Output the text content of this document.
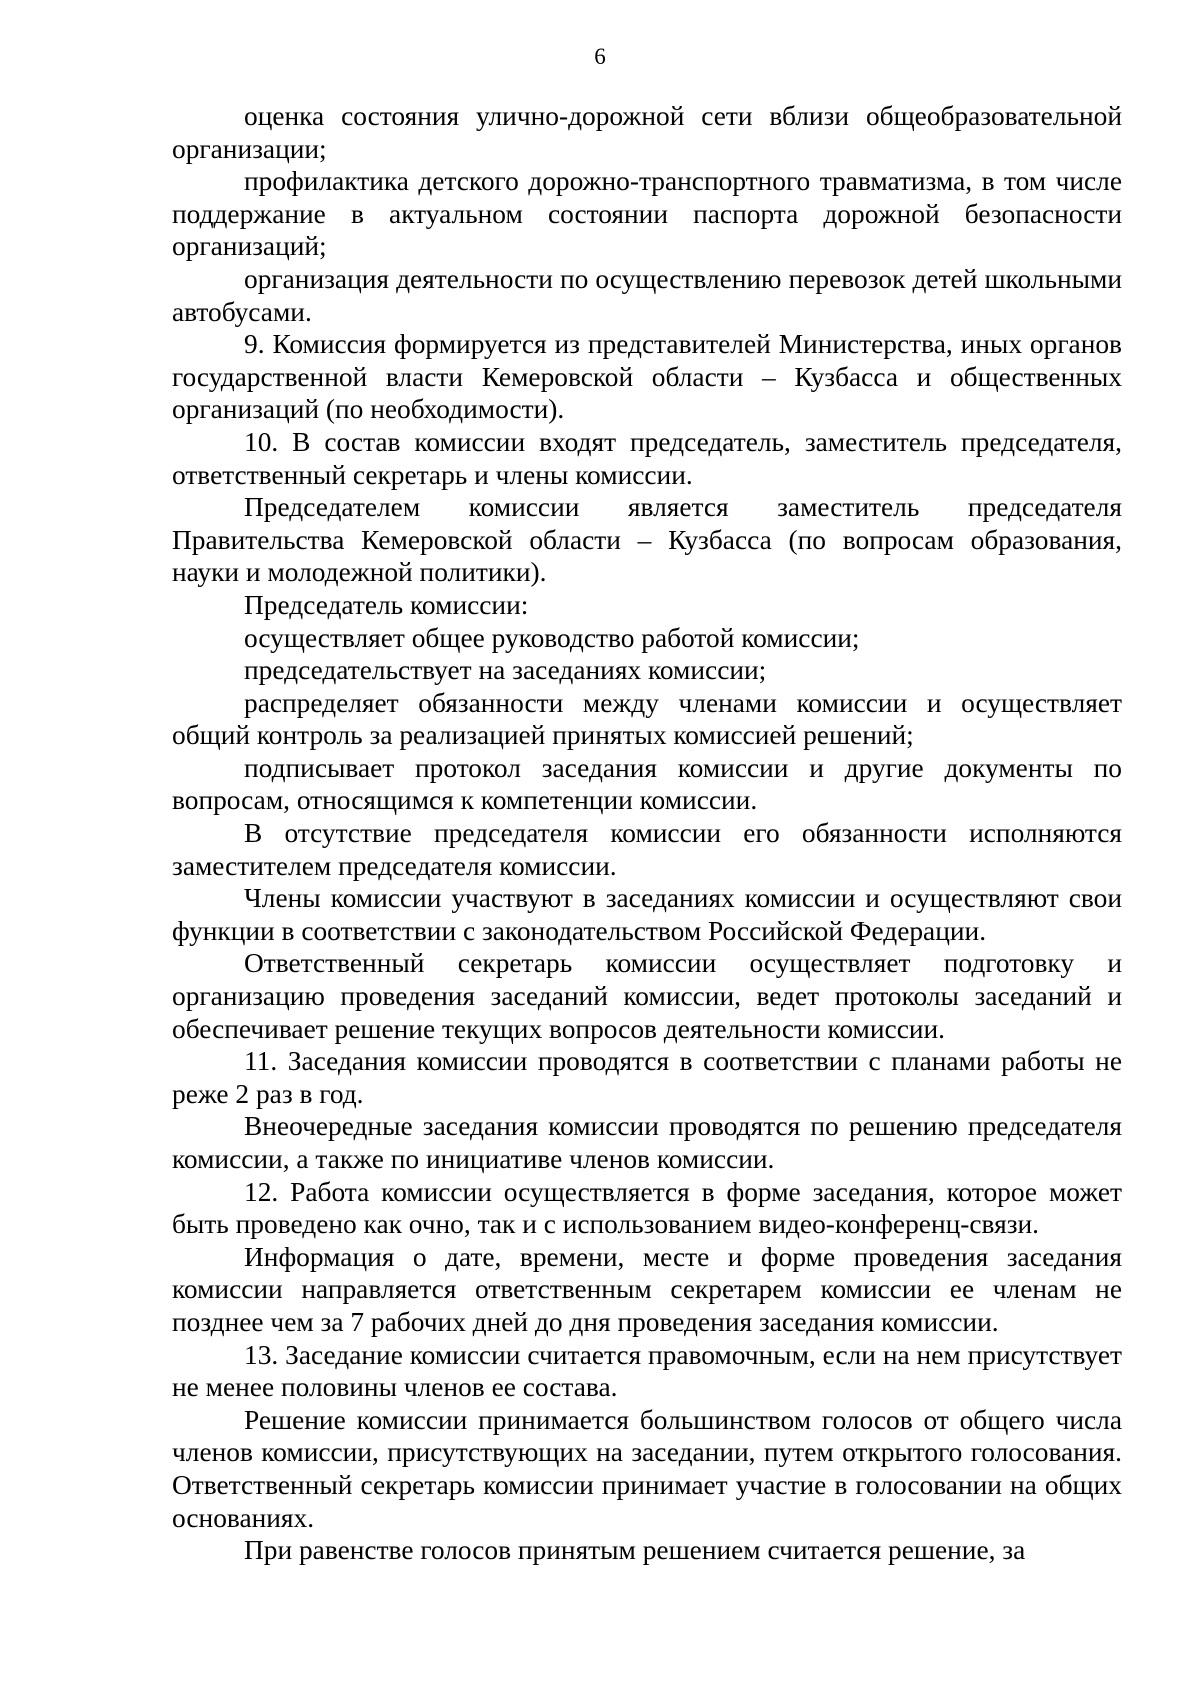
6

оценка состояния улично-дорожной сети вблизи общеобразовательной организации;

профилактика детского дорожно-транспортного травматизма, в том числе поддержание в актуальном состоянии паспорта дорожной безопасности организаций;

организация деятельности по осуществлению перевозок детей школьными автобусами.

9. Комиссия формируется из представителей Министерства, иных органов государственной власти Кемеровской области – Кузбасса и общественных организаций (по необходимости).

10. В состав комиссии входят председатель, заместитель председателя, ответственный секретарь и члены комиссии.

Председателем комиссии является заместитель председателя Правительства Кемеровской области – Кузбасса (по вопросам образования, науки и молодежной политики).

Председатель комиссии:

осуществляет общее руководство работой комиссии;

председательствует на заседаниях комиссии;

распределяет обязанности между членами комиссии и осуществляет общий контроль за реализацией принятых комиссией решений;

подписывает протокол заседания комиссии и другие документы по вопросам, относящимся к компетенции комиссии.

В отсутствие председателя комиссии его обязанности исполняются заместителем председателя комиссии.

Члены комиссии участвуют в заседаниях комиссии и осуществляют свои функции в соответствии с законодательством Российской Федерации.

Ответственный секретарь комиссии осуществляет подготовку и организацию проведения заседаний комиссии, ведет протоколы заседаний и обеспечивает решение текущих вопросов деятельности комиссии.

11. Заседания комиссии проводятся в соответствии с планами работы не реже 2 раз в год.

Внеочередные заседания комиссии проводятся по решению председателя комиссии, а также по инициативе членов комиссии.

12. Работа комиссии осуществляется в форме заседания, которое может быть проведено как очно, так и с использованием видео-конференц-связи.

Информация о дате, времени, месте и форме проведения заседания комиссии направляется ответственным секретарем комиссии ее членам не позднее чем за 7 рабочих дней до дня проведения заседания комиссии.

13. Заседание комиссии считается правомочным, если на нем присутствует не менее половины членов ее состава.

Решение комиссии принимается большинством голосов от общего числа членов комиссии, присутствующих на заседании, путем открытого голосования. Ответственный секретарь комиссии принимает участие в голосовании на общих основаниях.

При равенстве голосов принятым решением считается решение, за
